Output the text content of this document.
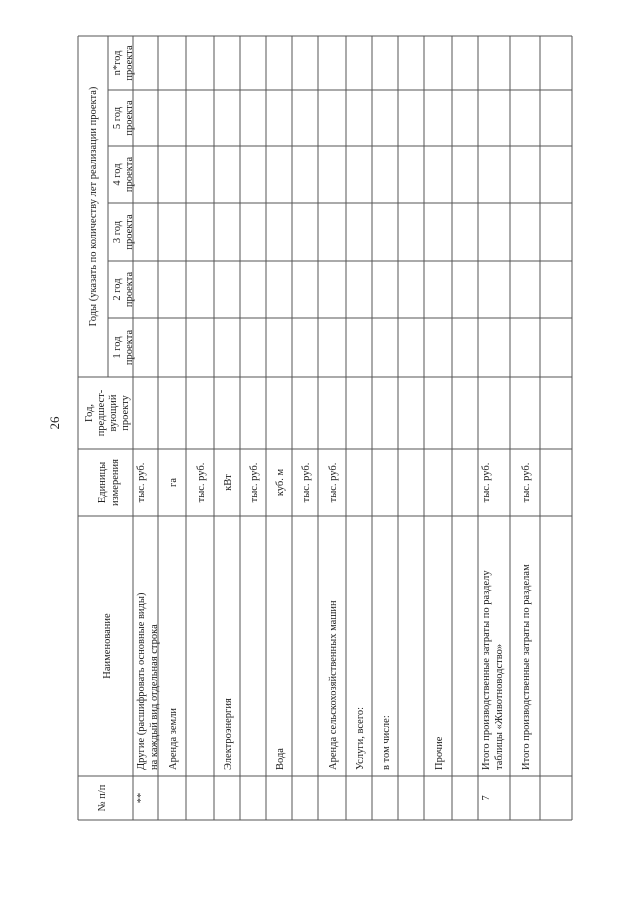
26
№ п/п
Наименование
Единицы измерения
Год, предшест- вующий проекту
Годы (указать по количеству лет реализации проекта)
1 год проекта
2 год проекта
3 год проекта
4 год проекта
5 год проекта
n*год проекта
**
Другие (расшифровать основные виды) на каждый вид отдельная строка
тыс. руб.
Аренда земли
га тыс. руб.
Электроэнергия
кВт тыс. руб.
Вода
куб. м тыс. руб.
Аренда сельскохозяйственных машин
тыс. руб.
Услуги, всего: в том числе:	Прочие
7
Итого производственные затраты по разделу таблицы «Животноводство»
тыс. руб.
Итого производственные затраты по разделам
тыс. руб.
